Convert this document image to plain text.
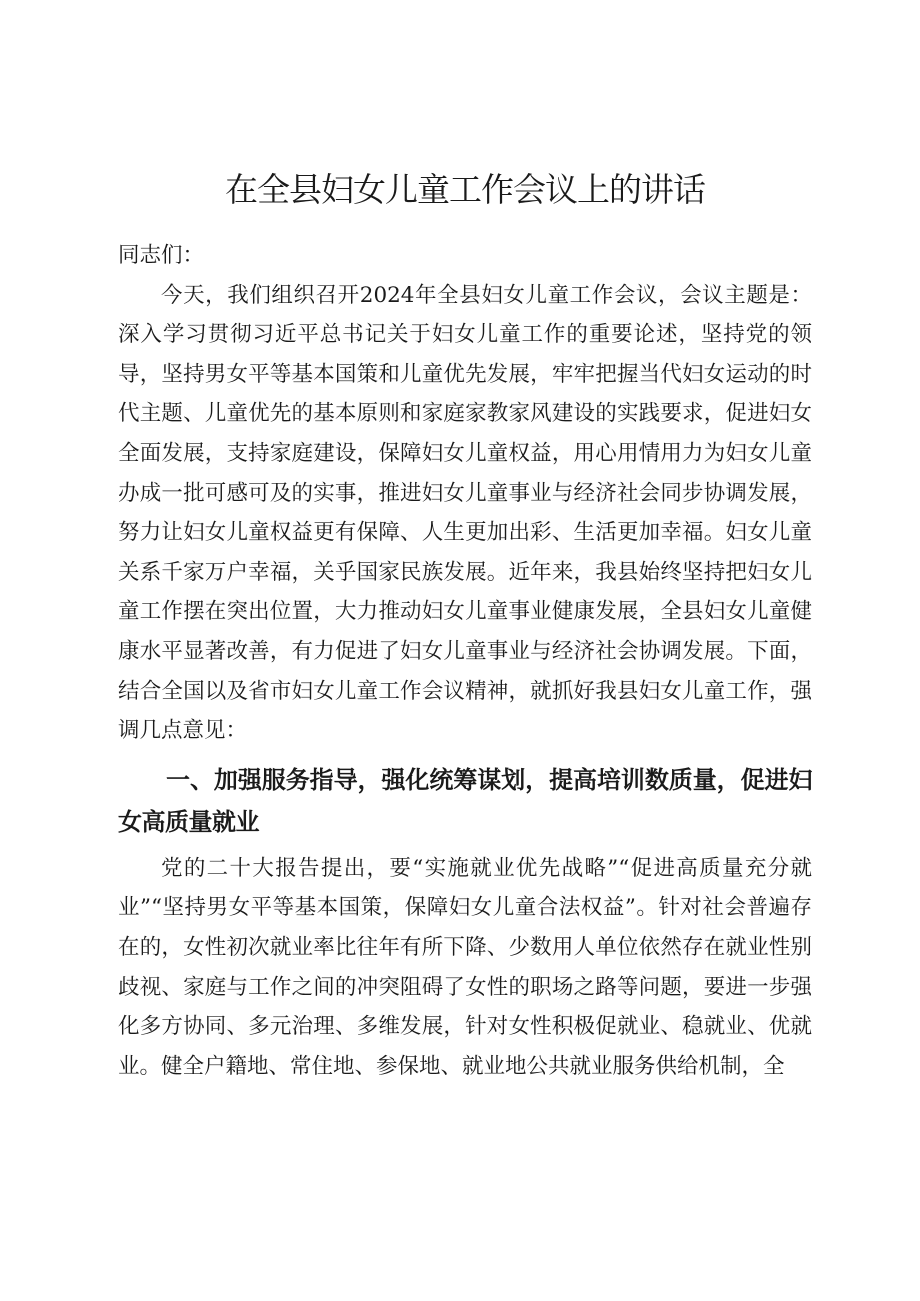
在全县妇女儿童工作会议上的讲话

同志们：

今天，我们组织召开2024年全县妇女儿童工作会议，会议主题是：深入学习贯彻习近平总书记关于妇女儿童工作的重要论述，坚持党的领导，坚持男女平等基本国策和儿童优先发展，牢牢把握当代妇女运动的时代主题、儿童优先的基本原则和家庭家教家风建设的实践要求，促进妇女全面发展，支持家庭建设，保障妇女儿童权益，用心用情用力为妇女儿童办成一批可感可及的实事，推进妇女儿童事业与经济社会同步协调发展，努力让妇女儿童权益更有保障、人生更加出彩、生活更加幸福。妇女儿童关系千家万户幸福，关乎国家民族发展。近年来，我县始终坚持把妇女儿童工作摆在突出位置，大力推动妇女儿童事业健康发展，全县妇女儿童健康水平显著改善，有力促进了妇女儿童事业与经济社会协调发展。下面，结合全国以及省市妇女儿童工作会议精神，就抓好我县妇女儿童工作，强调几点意见：

一、加强服务指导，强化统筹谋划，提高培训数质量，促进妇女高质量就业

党的二十大报告提出，要“实施就业优先战略”“促进高质量充分就业”“坚持男女平等基本国策，保障妇女儿童合法权益”。针对社会普遍存在的，女性初次就业率比往年有所下降、少数用人单位依然存在就业性别歧视、家庭与工作之间的冲突阻碍了女性的职场之路等问题，要进一步强化多方协同、多元治理、多维发展，针对女性积极促就业、稳就业、优就业。健全户籍地、常住地、参保地、就业地公共就业服务供给机制，全
